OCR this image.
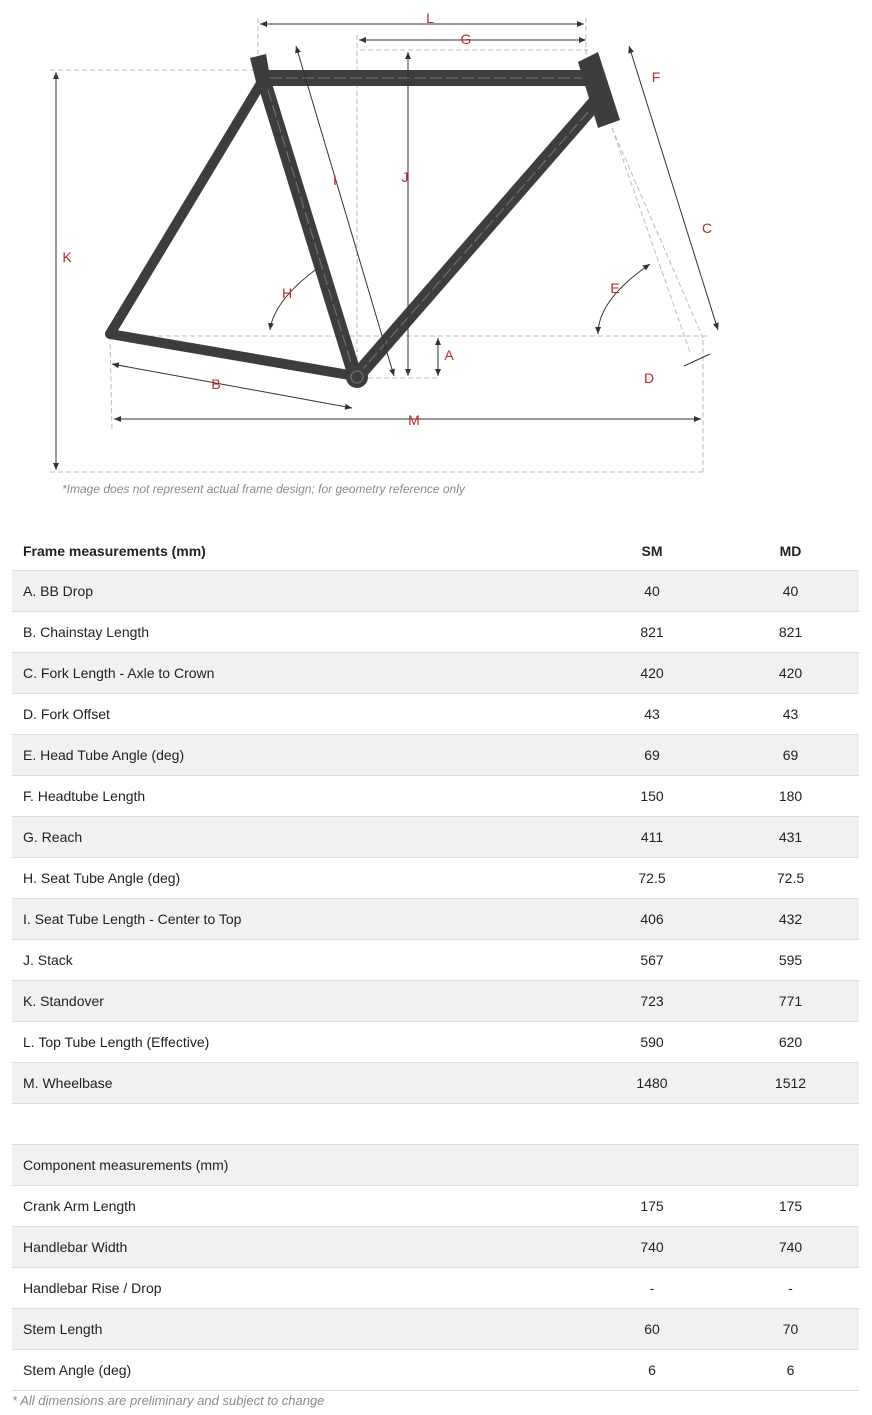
L
G
F
I	J
C
K
H	E
A
D
B
M
*Image does not represent actual frame design; for geometry reference only
Frame measurements (mm)	SM	MD
A. BB Drop	40	40
B. Chainstay Length	821	821
C. Fork Length - Axle to Crown	420	420
D. Fork Offset	43	43
E. Head Tube Angle (deg)	69	69
F. Headtube Length	150	180
G. Reach	411	431
H. Seat Tube Angle (deg)	72.5	72.5
I. Seat Tube Length - Center to Top	406	432
J. Stack	567	595
K. Standover	723	771
L. Top Tube Length (Effective)	590	620
M. Wheelbase	1480	1512
Component measurements (mm)		
Crank Arm Length	175	175
Handlebar Width	740	740
Handlebar Rise / Drop	-	-
Stem Length	60	70
Stem Angle (deg)	6	6
* All dimensions are preliminary and subject to change
